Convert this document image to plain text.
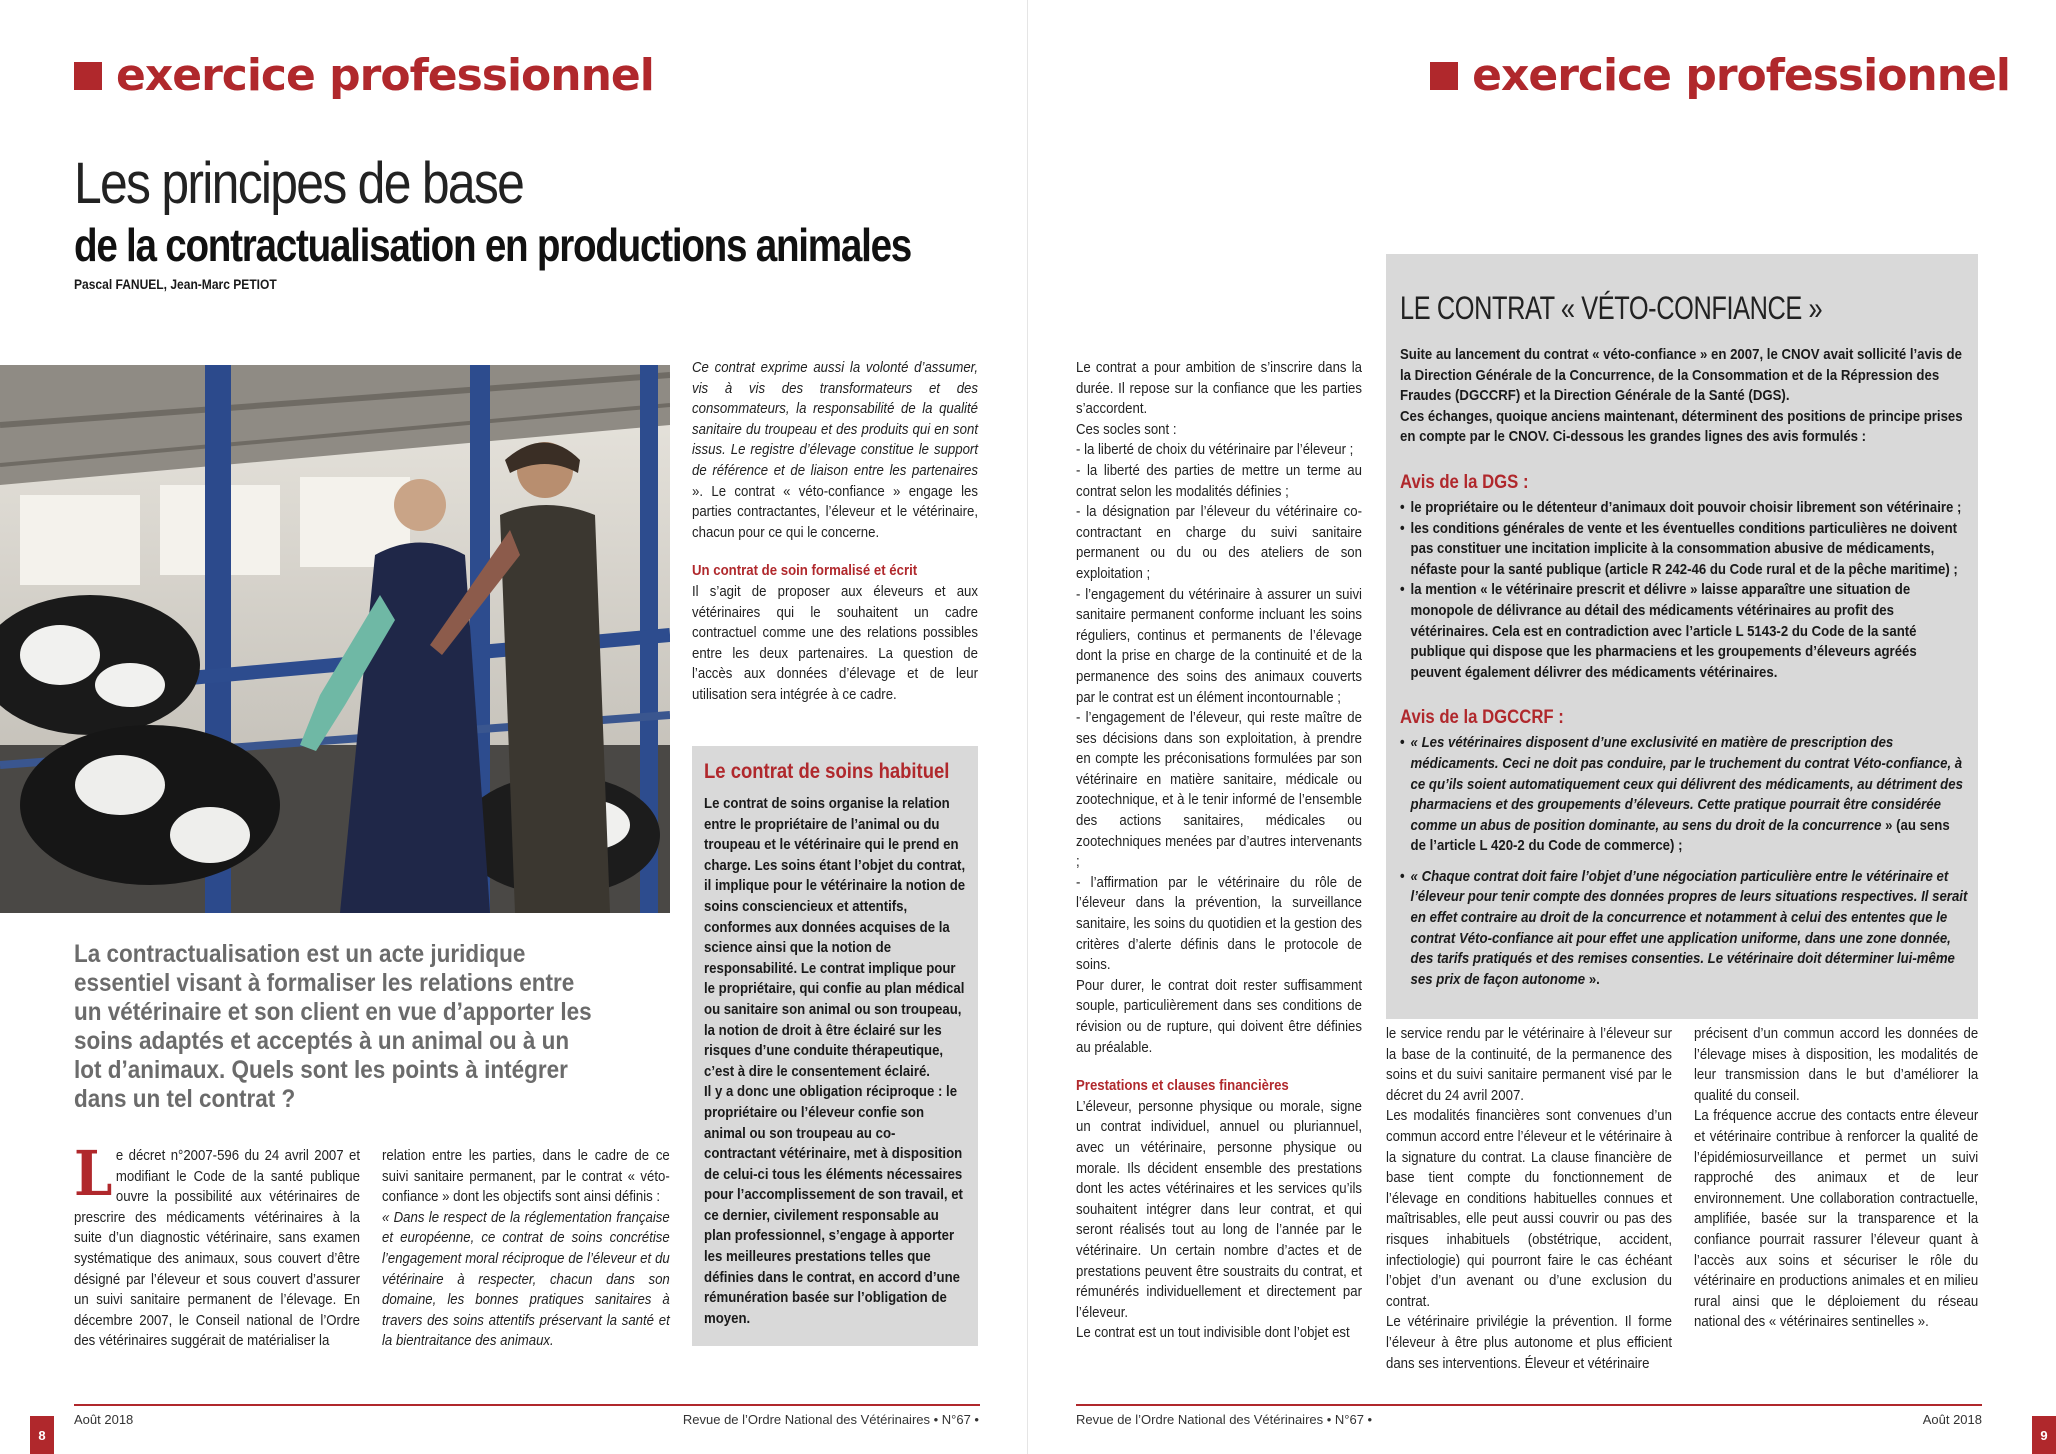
exercice professionnel
Les principes de base
de la contractualisation en productions animales
Pascal FANUEL, Jean-Marc PETIOT
La contractualisation est un acte juridique essentiel visant à formaliser les relations entre un vétérinaire et son client en vue d’apporter les soins adaptés et acceptés à un animal ou à un lot d’animaux. Quels sont les points à intégrer dans un tel contrat ?
L e décret n°2007-596 du 24 avril 2007 et modifiant le Code de la santé publique ouvre la possibilité aux vétérinaires de prescrire des médicaments vétérinaires à la suite d’un diagnostic vétérinaire, sans examen systématique des animaux, sous couvert d’être désigné par l’éleveur et sous couvert d’assurer un suivi sanitaire permanent de l’élevage. En décembre 2007, le Conseil national de l’Ordre des vétérinaires suggérait de matérialiser la

relation entre les parties, dans le cadre de ce suivi sanitaire permanent, par le contrat « véto-confiance » dont les objectifs sont ainsi définis :

« Dans le respect de la réglementation française et européenne, ce contrat de soins concrétise l’engagement moral réciproque de l’éleveur et du vétérinaire à respecter, chacun dans son domaine, les bonnes pratiques sanitaires à travers des soins attentifs préservant la santé et la bientraitance des animaux.

Ce contrat exprime aussi la volonté d’assumer, vis à vis des transformateurs et des consommateurs, la responsabilité de la qualité sanitaire du troupeau et des produits qui en sont issus. Le registre d’élevage constitue le support de référence et de liaison entre les partenaires ». Le contrat « véto-confiance » engage les parties contractantes, l’éleveur et le vétérinaire, chacun pour ce qui le concerne.

Un contrat de soin formalisé et écrit

Il s’agit de proposer aux éleveurs et aux vétérinaires qui le souhaitent un cadre contractuel comme une des relations possibles entre les deux partenaires. La question de l’accès aux données d’élevage et de leur utilisation sera intégrée à ce cadre.

Le contrat de soins habituel

Le contrat de soins organise la relation entre le propriétaire de l’animal ou du troupeau et le vétérinaire qui le prend en charge. Les soins étant l’objet du contrat, il implique pour le vétérinaire la notion de soins consciencieux et attentifs, conformes aux données acquises de la science ainsi que la notion de responsabilité. Le contrat implique pour le propriétaire, qui confie au plan médical ou sanitaire son animal ou son troupeau, la notion de droit à être éclairé sur les risques d’une conduite thérapeutique, c’est à dire le consentement éclairé.

Il y a donc une obligation réciproque : le propriétaire ou l’éleveur confie son animal ou son troupeau au co-contractant vétérinaire, met à disposition de celui-ci tous les éléments nécessaires pour l’accomplissement de son travail, et ce dernier, civilement responsable au plan professionnel, s’engage à apporter les meilleures prestations telles que définies dans le contrat, en accord d’une rémunération basée sur l’obligation de moyen.

Août 2018	Revue de l’Ordre National des Vétérinaires • N°67 •
8
exercice professionnel

Le contrat a pour ambition de s’inscrire dans la durée. Il repose sur la confiance que les parties s’accordent.

Ces socles sont :

- la liberté de choix du vétérinaire par l’éleveur ;

- la liberté des parties de mettre un terme au contrat selon les modalités définies ;

- la désignation par l’éleveur du vétérinaire co-contractant en charge du suivi sanitaire permanent ou du ou des ateliers de son exploitation ;

- l’engagement du vétérinaire à assurer un suivi sanitaire permanent conforme incluant les soins réguliers, continus et permanents de l’élevage dont la prise en charge de la continuité et de la permanence des soins des animaux couverts par le contrat est un élément incontournable ;

- l’engagement de l’éleveur, qui reste maître de ses décisions dans son exploitation, à prendre en compte les préconisations formulées par son vétérinaire en matière sanitaire, médicale ou zootechnique, et à le tenir informé de l’ensemble des actions sanitaires, médicales ou zootechniques menées par d’autres intervenants ;

- l’affirmation par le vétérinaire du rôle de l’éleveur dans la prévention, la surveillance sanitaire, les soins du quotidien et la gestion des critères d’alerte définis dans le protocole de soins.

Pour durer, le contrat doit rester suffisamment souple, particulièrement dans ses conditions de révision ou de rupture, qui doivent être définies au préalable.

Prestations et clauses financières

L’éleveur, personne physique ou morale, signe un contrat individuel, annuel ou pluriannuel, avec un vétérinaire, personne physique ou morale. Ils décident ensemble des prestations dont les actes vétérinaires et les services qu’ils souhaitent intégrer dans leur contrat, et qui seront réalisés tout au long de l’année par le vétérinaire. Un certain nombre d’actes et de prestations peuvent être soustraits du contrat, et rémunérés individuellement et directement par l’éleveur.

Le contrat est un tout indivisible dont l’objet est

LE CONTRAT « VÉTO-CONFIANCE »

Suite au lancement du contrat « véto-confiance » en 2007, le CNOV avait sollicité l’avis de la Direction Générale de la Concurrence, de la Consommation et de la Répression des Fraudes (DGCCRF) et la Direction Générale de la Santé (DGS).

Ces échanges, quoique anciens maintenant, déterminent des positions de principe prises en compte par le CNOV. Ci-dessous les grandes lignes des avis formulés :

Avis de la DGS :

• le propriétaire ou le détenteur d’animaux doit pouvoir choisir librement son vétérinaire ;

• les conditions générales de vente et les éventuelles conditions particulières ne doivent pas constituer une incitation implicite à la consommation abusive de médicaments, néfaste pour la santé publique (article R 242-46 du Code rural et de la pêche maritime) ;

• la mention « le vétérinaire prescrit et délivre » laisse apparaître une situation de monopole de délivrance au détail des médicaments vétérinaires au profit des vétérinaires. Cela est en contradiction avec l’article L 5143-2 du Code de la santé publique qui dispose que les pharmaciens et les groupements d’éleveurs agréés peuvent également délivrer des médicaments vétérinaires.

Avis de la DGCCRF :

• « Les vétérinaires disposent d’une exclusivité en matière de prescription des médicaments. Ceci ne doit pas conduire, par le truchement du contrat Véto-confiance, à ce qu’ils soient automatiquement ceux qui délivrent des médicaments, au détriment des pharmaciens et des groupements d’éleveurs. Cette pratique pourrait être considérée comme un abus de position dominante, au sens du droit de la concurrence » (au sens de l’article L 420-2 du Code de commerce) ;

• « Chaque contrat doit faire l’objet d’une négociation particulière entre le vétérinaire et l’éleveur pour tenir compte des données propres de leurs situations respectives. Il serait en effet contraire au droit de la concurrence et notamment à celui des ententes que le contrat Véto-confiance ait pour effet une application uniforme, dans une zone donnée, des tarifs pratiqués et des remises consenties. Le vétérinaire doit déterminer lui-même ses prix de façon autonome ».

le service rendu par le vétérinaire à l’éleveur sur la base de la continuité, de la permanence des soins et du suivi sanitaire permanent visé par le décret du 24 avril 2007.

Les modalités financières sont convenues d’un commun accord entre l’éleveur et le vétérinaire à la signature du contrat. La clause financière de base tient compte du fonctionnement de l’élevage en conditions habituelles connues et maîtrisables, elle peut aussi couvrir ou pas des risques inhabituels (obstétrique, accident, infectiologie) qui pourront faire le cas échéant l’objet d’un avenant ou d’une exclusion du contrat.

Le vétérinaire privilégie la prévention. Il forme l’éleveur à être plus autonome et plus efficient dans ses interventions. Éleveur et vétérinaire

précisent d’un commun accord les données de l’élevage mises à disposition, les modalités de leur transmission dans le but d’améliorer la qualité du conseil.

La fréquence accrue des contacts entre éleveur et vétérinaire contribue à renforcer la qualité de l’épidémiosurveillance et permet un suivi rapproché des animaux et de leur environnement. Une collaboration contractuelle, amplifiée, basée sur la transparence et la confiance pourrait rassurer l’éleveur quant à l’accès aux soins et sécuriser le rôle du vétérinaire en productions animales et en milieu rural ainsi que le déploiement du réseau national des « vétérinaires sentinelles ».

Revue de l’Ordre National des Vétérinaires • N°67 •	Août 2018
9
